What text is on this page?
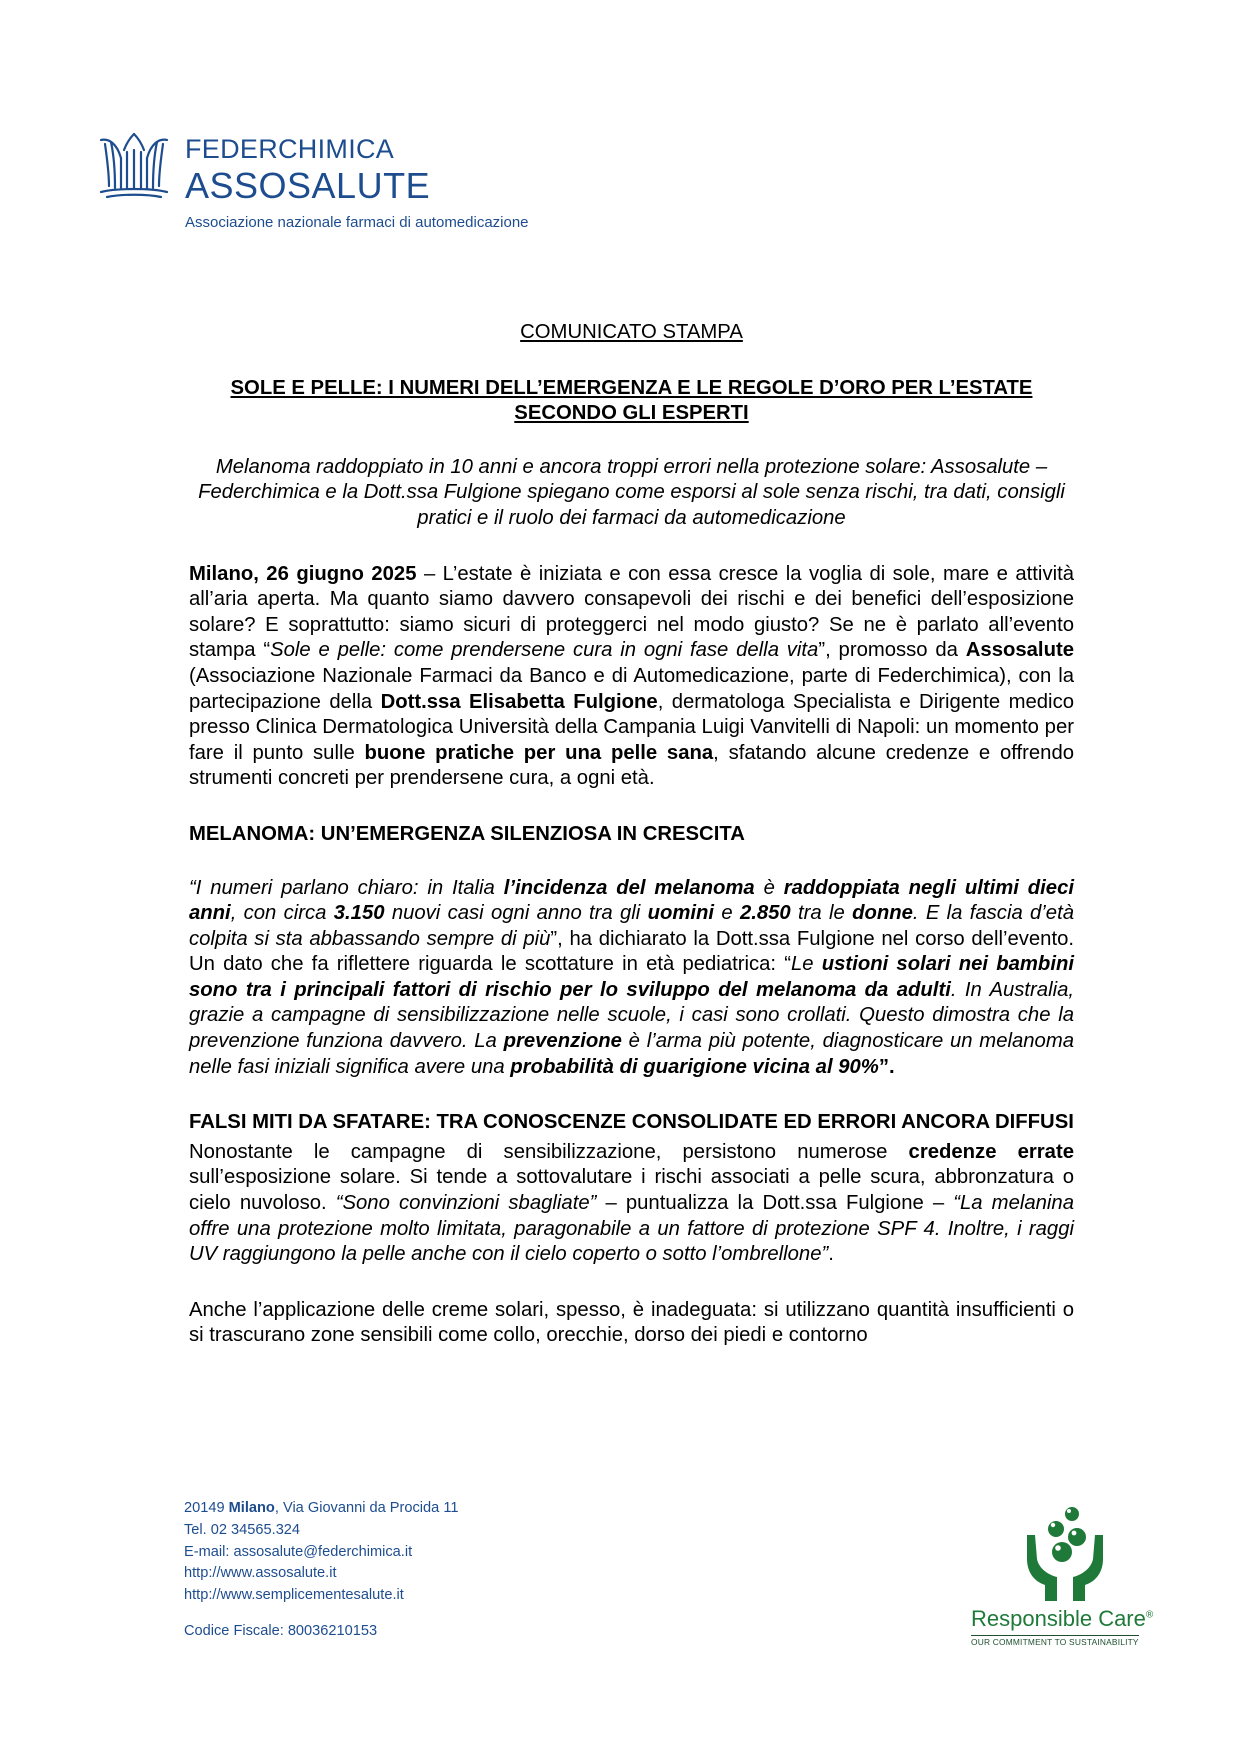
FEDERCHIMICA
ASSOSALUTE
Associazione nazionale farmaci di automedicazione

COMUNICATO STAMPA

SOLE E PELLE: I NUMERI DELL’EMERGENZA E LE REGOLE D’ORO PER L’ESTATE SECONDO GLI ESPERTI

Melanoma raddoppiato in 10 anni e ancora troppi errori nella protezione solare: Assosalute – Federchimica e la Dott.ssa Fulgione spiegano come esporsi al sole senza rischi, tra dati, consigli pratici e il ruolo dei farmaci da automedicazione

Milano, 26 giugno 2025 – L’estate è iniziata e con essa cresce la voglia di sole, mare e attività all’aria aperta. Ma quanto siamo davvero consapevoli dei rischi e dei benefici dell’esposizione solare? E soprattutto: siamo sicuri di proteggerci nel modo giusto? Se ne è parlato all’evento stampa “Sole e pelle: come prendersene cura in ogni fase della vita”, promosso da Assosalute (Associazione Nazionale Farmaci da Banco e di Automedicazione, parte di Federchimica), con la partecipazione della Dott.ssa Elisabetta Fulgione, dermatologa Specialista e Dirigente medico presso Clinica Dermatologica Università della Campania Luigi Vanvitelli di Napoli: un momento per fare il punto sulle buone pratiche per una pelle sana, sfatando alcune credenze e offrendo strumenti concreti per prendersene cura, a ogni età.

MELANOMA: UN’EMERGENZA SILENZIOSA IN CRESCITA

“I numeri parlano chiaro: in Italia l’incidenza del melanoma è raddoppiata negli ultimi dieci anni, con circa 3.150 nuovi casi ogni anno tra gli uomini e 2.850 tra le donne. E la fascia d’età colpita si sta abbassando sempre di più”, ha dichiarato la Dott.ssa Fulgione nel corso dell’evento. Un dato che fa riflettere riguarda le scottature in età pediatrica: “Le ustioni solari nei bambini sono tra i principali fattori di rischio per lo sviluppo del melanoma da adulti. In Australia, grazie a campagne di sensibilizzazione nelle scuole, i casi sono crollati. Questo dimostra che la prevenzione funziona davvero. La prevenzione è l’arma più potente, diagnosticare un melanoma nelle fasi iniziali significa avere una probabilità di guarigione vicina al 90%”.

FALSI MITI DA SFATARE: TRA CONOSCENZE CONSOLIDATE ED ERRORI ANCORA DIFFUSI

Nonostante le campagne di sensibilizzazione, persistono numerose credenze errate sull’esposizione solare. Si tende a sottovalutare i rischi associati a pelle scura, abbronzatura o cielo nuvoloso. “Sono convinzioni sbagliate” – puntualizza la Dott.ssa Fulgione – “La melanina offre una protezione molto limitata, paragonabile a un fattore di protezione SPF 4. Inoltre, i raggi UV raggiungono la pelle anche con il cielo coperto o sotto l’ombrellone”.

Anche l’applicazione delle creme solari, spesso, è inadeguata: si utilizzano quantità insufficienti o si trascurano zone sensibili come collo, orecchie, dorso dei piedi e contorno

20149 Milano, Via Giovanni da Procida 11
Tel. 02 34565.324
E-mail: assosalute@federchimica.it
http://www.assosalute.it
http://www.semplicementesalute.it
Codice Fiscale: 80036210153	Responsible Care®
OUR COMMITMENT TO SUSTAINABILITY
